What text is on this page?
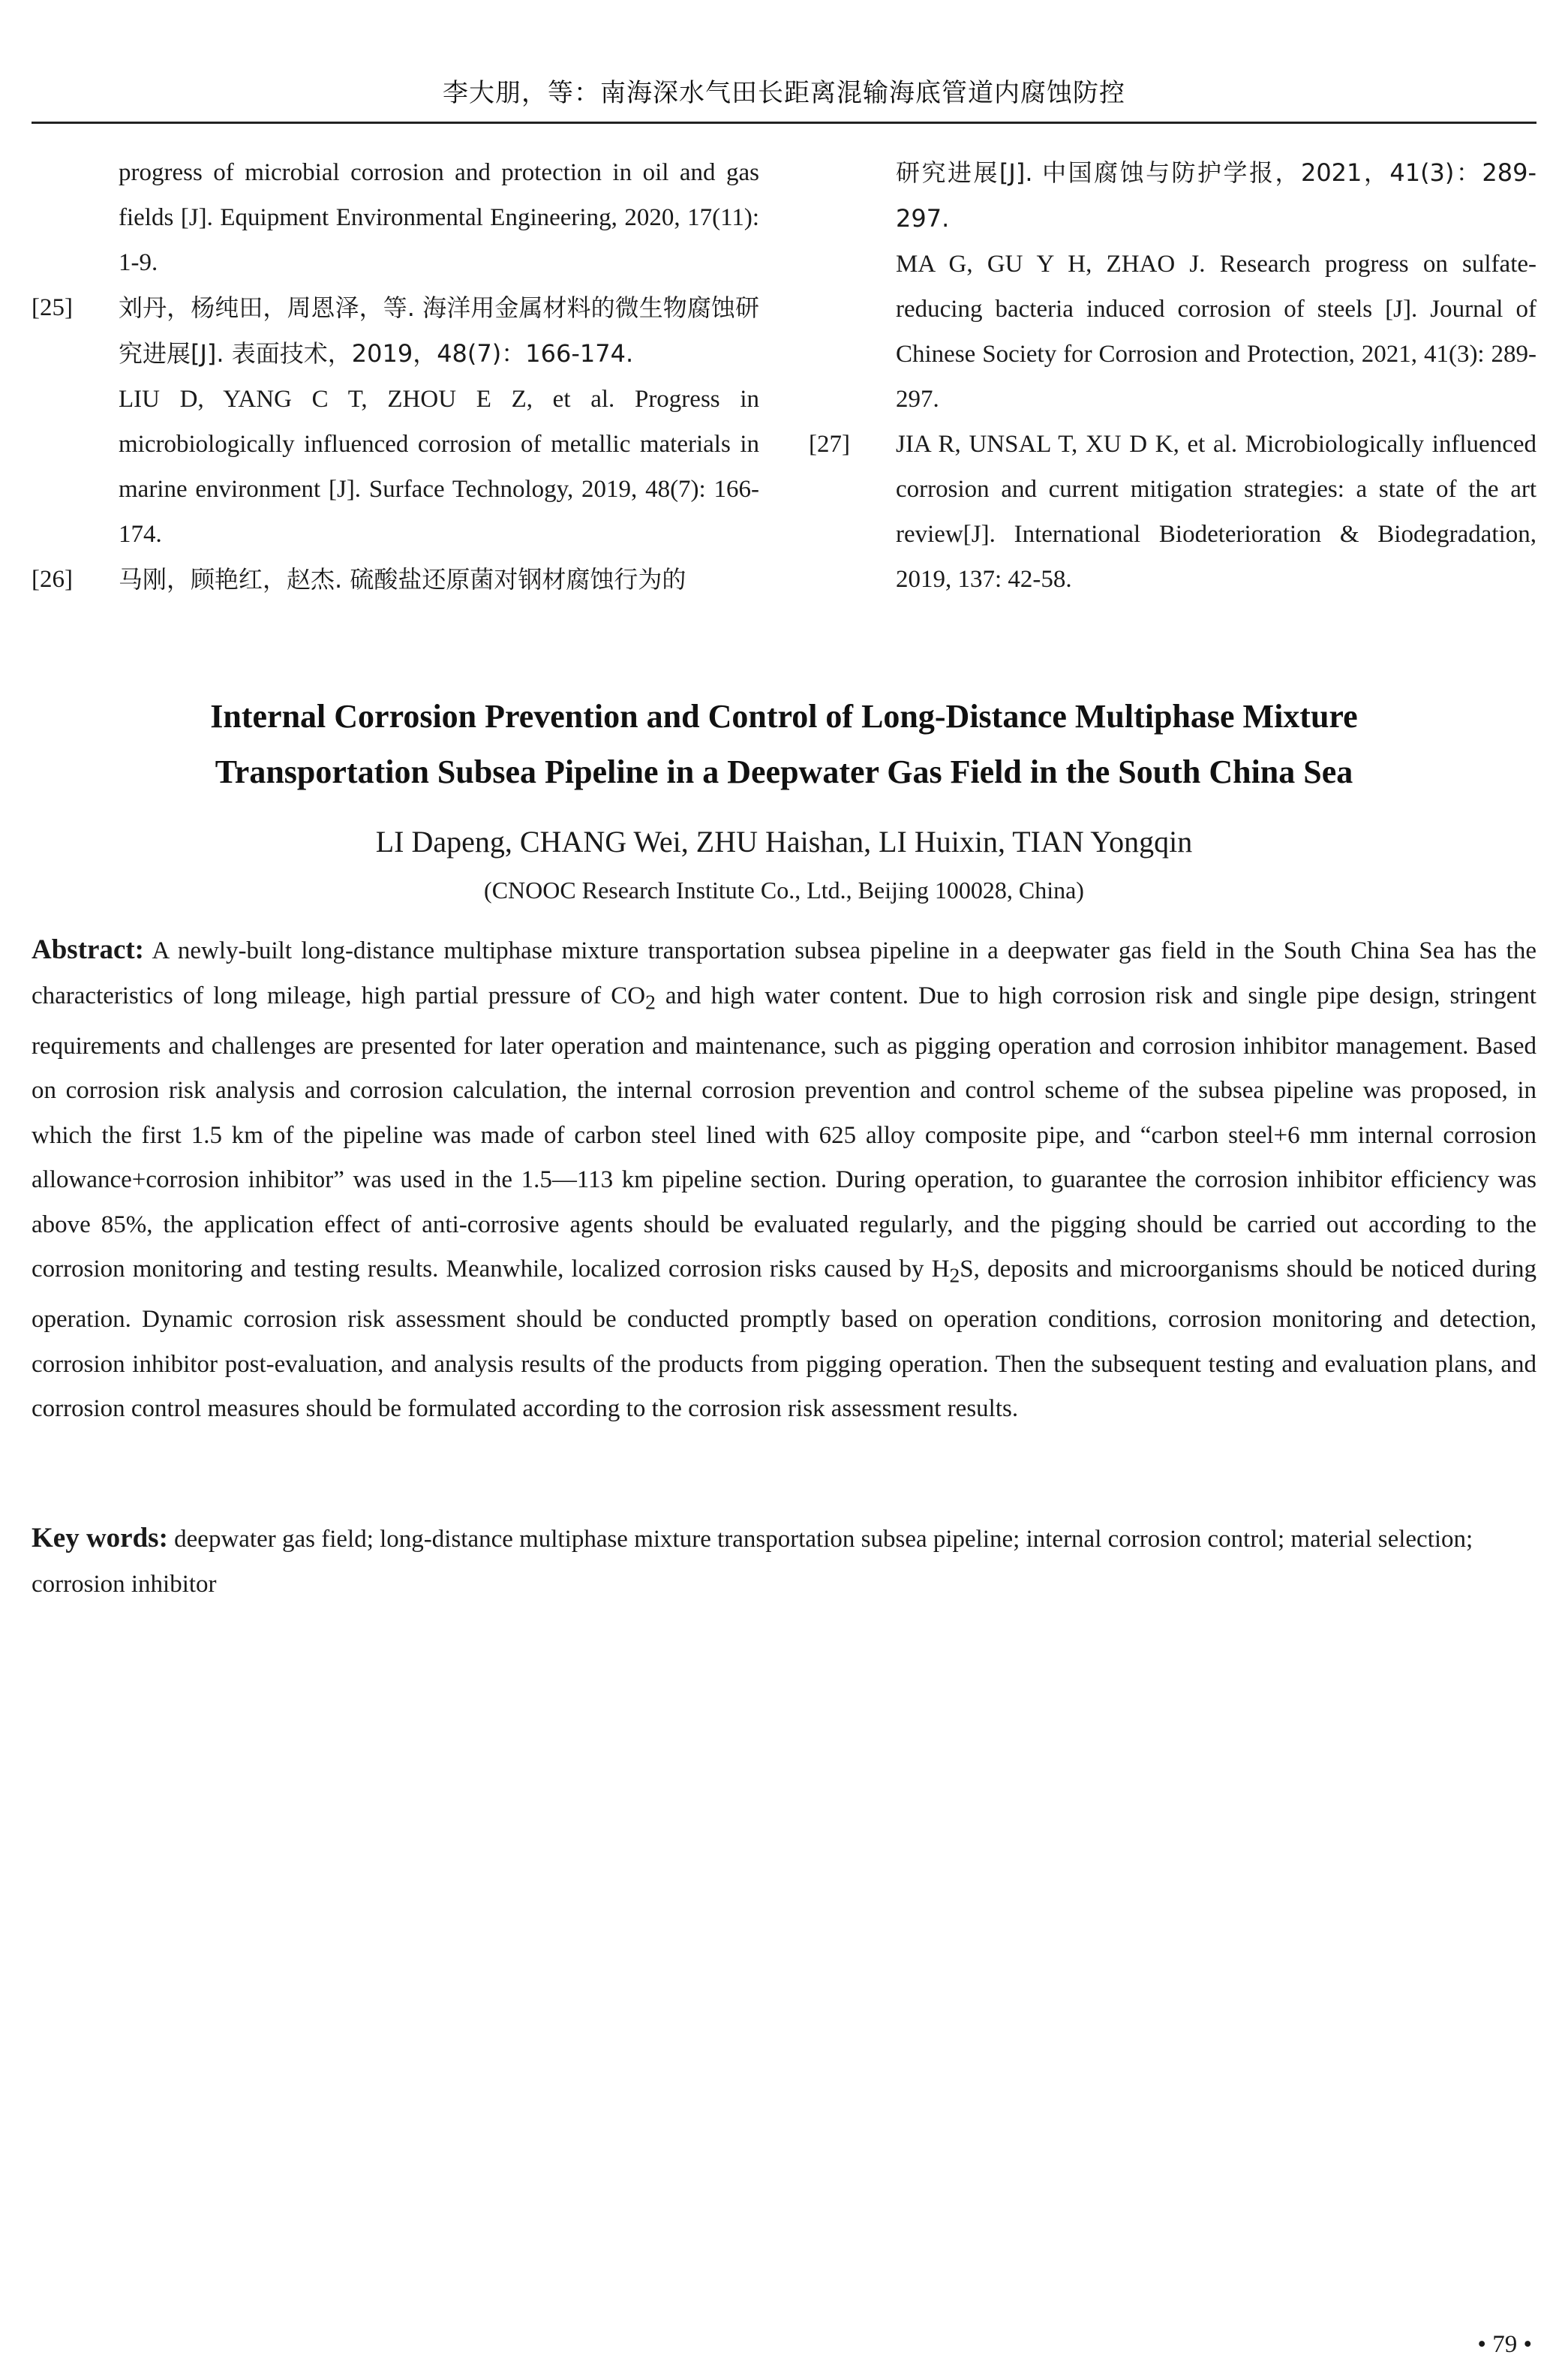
李大朋，等：南海深水气田长距离混输海底管道内腐蚀防控
progress of microbial corrosion and protection in oil and gas fields [J]. Equipment Environmental Engineering, 2020, 17(11): 1-9.
[25]	刘丹，杨纯田，周恩泽，等. 海洋用金属材料的微生物腐蚀研究进展[J]. 表面技术，2019，48(7)：166-174.
LIU D, YANG C T, ZHOU E Z, et al. Progress in microbiologically influenced corrosion of metallic materials in marine environment [J]. Surface Technology, 2019, 48(7): 166-174.
[26]	马刚，顾艳红，赵杰. 硫酸盐还原菌对钢材腐蚀行为的
研究进展[J]. 中国腐蚀与防护学报，2021，41(3)：289-297.
MA G, GU Y H, ZHAO J. Research progress on sulfate-reducing bacteria induced corrosion of steels [J]. Journal of Chinese Society for Corrosion and Protection, 2021, 41(3): 289-297.
[27]	JIA R, UNSAL T, XU D K, et al. Microbiologically influenced corrosion and current mitigation strategies: a state of the art review[J]. International Biodeterioration & Biodegradation, 2019, 137: 42-58.
Internal Corrosion Prevention and Control of Long-Distance Multiphase Mixture Transportation Subsea Pipeline in a Deepwater Gas Field in the South China Sea
LI Dapeng, CHANG Wei, ZHU Haishan, LI Huixin, TIAN Yongqin
(CNOOC Research Institute Co., Ltd., Beijing 100028, China)
Abstract: A newly-built long-distance multiphase mixture transportation subsea pipeline in a deepwater gas field in the South China Sea has the characteristics of long mileage, high partial pressure of $CO_2$ and high water content. Due to high corrosion risk and single pipe design, stringent requirements and challenges are presented for later operation and maintenance, such as pigging operation and corrosion inhibitor management. Based on corrosion risk analysis and corrosion calculation, the internal corrosion prevention and control scheme of the subsea pipeline was proposed, in which the first 1.5 km of the pipeline was made of carbon steel lined with 625 alloy composite pipe, and “carbon steel+6 mm internal corrosion allowance+corrosion inhibitor” was used in the 1.5—113 km pipeline section. During operation, to guarantee the corrosion inhibitor efficiency was above 85%, the application effect of anti-corrosive agents should be evaluated regularly, and the pigging should be carried out according to the corrosion monitoring and testing results. Meanwhile, localized corrosion risks caused by $H_2S$, deposits and microorganisms should be noticed during operation. Dynamic corrosion risk assessment should be conducted promptly based on operation conditions, corrosion monitoring and detection, corrosion inhibitor post-evaluation, and analysis results of the products from pigging operation. Then the subsequent testing and evaluation plans, and corrosion control measures should be formulated according to the corrosion risk assessment results.
Key words: deepwater gas field; long-distance multiphase mixture transportation subsea pipeline; internal corrosion control; material selection; corrosion inhibitor
• 79 •
